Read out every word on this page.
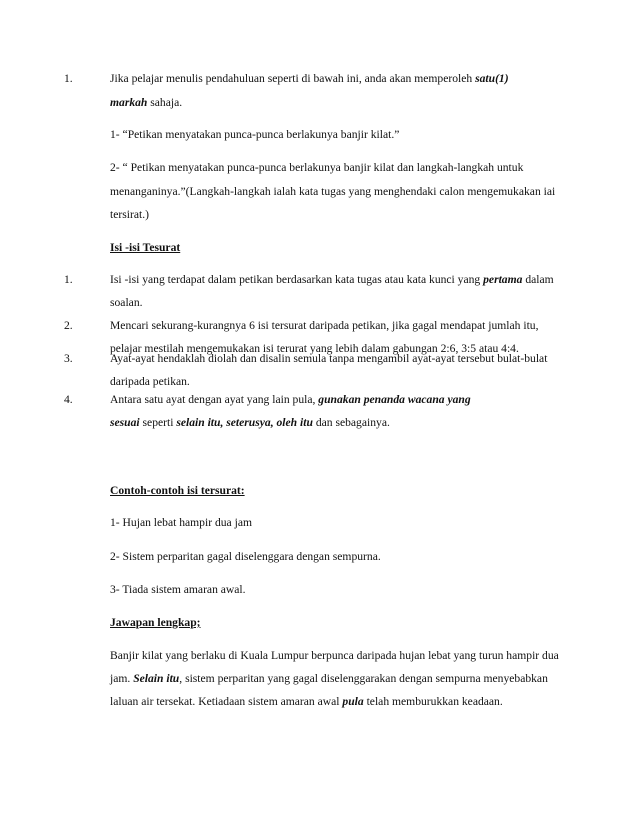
1.	Jika pelajar menulis pendahuluan seperti di bawah ini, anda akan memperoleh satu(1)
markah sahaja.
1- “Petikan menyatakan punca-punca berlakunya banjir kilat.”
2- “ Petikan menyatakan punca-punca berlakunya banjir kilat dan langkah-langkah untuk
menanganinya.”(Langkah-langkah ialah kata tugas yang menghendaki calon mengemukakan iai
tersirat.)
Isi -isi Tesurat
1.	Isi -isi yang terdapat dalam petikan berdasarkan kata tugas atau kata kunci yang pertama dalam
soalan.
2.	Mencari sekurang-kurangnya 6 isi tersurat daripada petikan, jika gagal mendapat jumlah itu,
pelajar mestilah mengemukakan isi terurat yang lebih dalam gabungan 2:6, 3:5 atau 4:4.
3.	Ayat-ayat hendaklah diolah dan disalin semula tanpa mengambil ayat-ayat tersebut bulat-bulat
daripada petikan.
4.	Antara satu ayat dengan ayat yang lain pula, gunakan penanda wacana yang
sesuai seperti selain itu, seterusya, oleh itu dan sebagainya.
Contoh-contoh isi tersurat:
1- Hujan lebat hampir dua jam
2- Sistem perparitan gagal diselenggara dengan sempurna.
3- Tiada sistem amaran awal.
Jawapan lengkap;
Banjir kilat yang berlaku di Kuala Lumpur berpunca daripada hujan lebat yang turun hampir dua
jam. Selain itu, sistem perparitan yang gagal diselenggarakan dengan sempurna menyebabkan
laluan air tersekat. Ketiadaan sistem amaran awal pula telah memburukkan keadaan.
